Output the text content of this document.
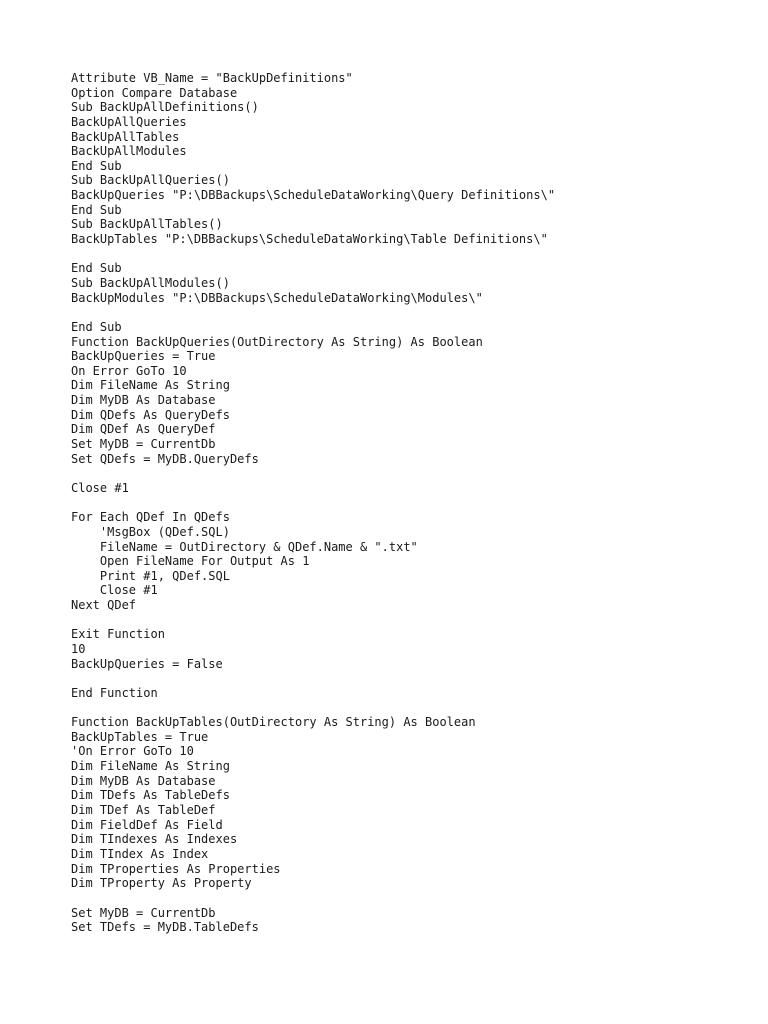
Attribute VB_Name = "BackUpDefinitions"
Option Compare Database
Sub BackUpAllDefinitions()
BackUpAllQueries
BackUpAllTables
BackUpAllModules
End Sub
Sub BackUpAllQueries()
BackUpQueries "P:\DBBackups\ScheduleDataWorking\Query Definitions\"
End Sub
Sub BackUpAllTables()
BackUpTables "P:\DBBackups\ScheduleDataWorking\Table Definitions\"
End Sub
Sub BackUpAllModules()
BackUpModules "P:\DBBackups\ScheduleDataWorking\Modules\"
End Sub
Function BackUpQueries(OutDirectory As String) As Boolean
BackUpQueries = True
On Error GoTo 10
Dim FileName As String
Dim MyDB As Database
Dim QDefs As QueryDefs
Dim QDef As QueryDef
Set MyDB = CurrentDb
Set QDefs = MyDB.QueryDefs
Close #1
For Each QDef In QDefs
'MsgBox (QDef.SQL)
FileName = OutDirectory & QDef.Name & ".txt"
Open FileName For Output As 1
Print #1, QDef.SQL
Close #1
Next QDef
Exit Function
10
BackUpQueries = False
End Function
Function BackUpTables(OutDirectory As String) As Boolean
BackUpTables = True
'On Error GoTo 10
Dim FileName As String
Dim MyDB As Database
Dim TDefs As TableDefs
Dim TDef As TableDef
Dim FieldDef As Field
Dim TIndexes As Indexes
Dim TIndex As Index
Dim TProperties As Properties
Dim TProperty As Property
Set MyDB = CurrentDb
Set TDefs = MyDB.TableDefs
